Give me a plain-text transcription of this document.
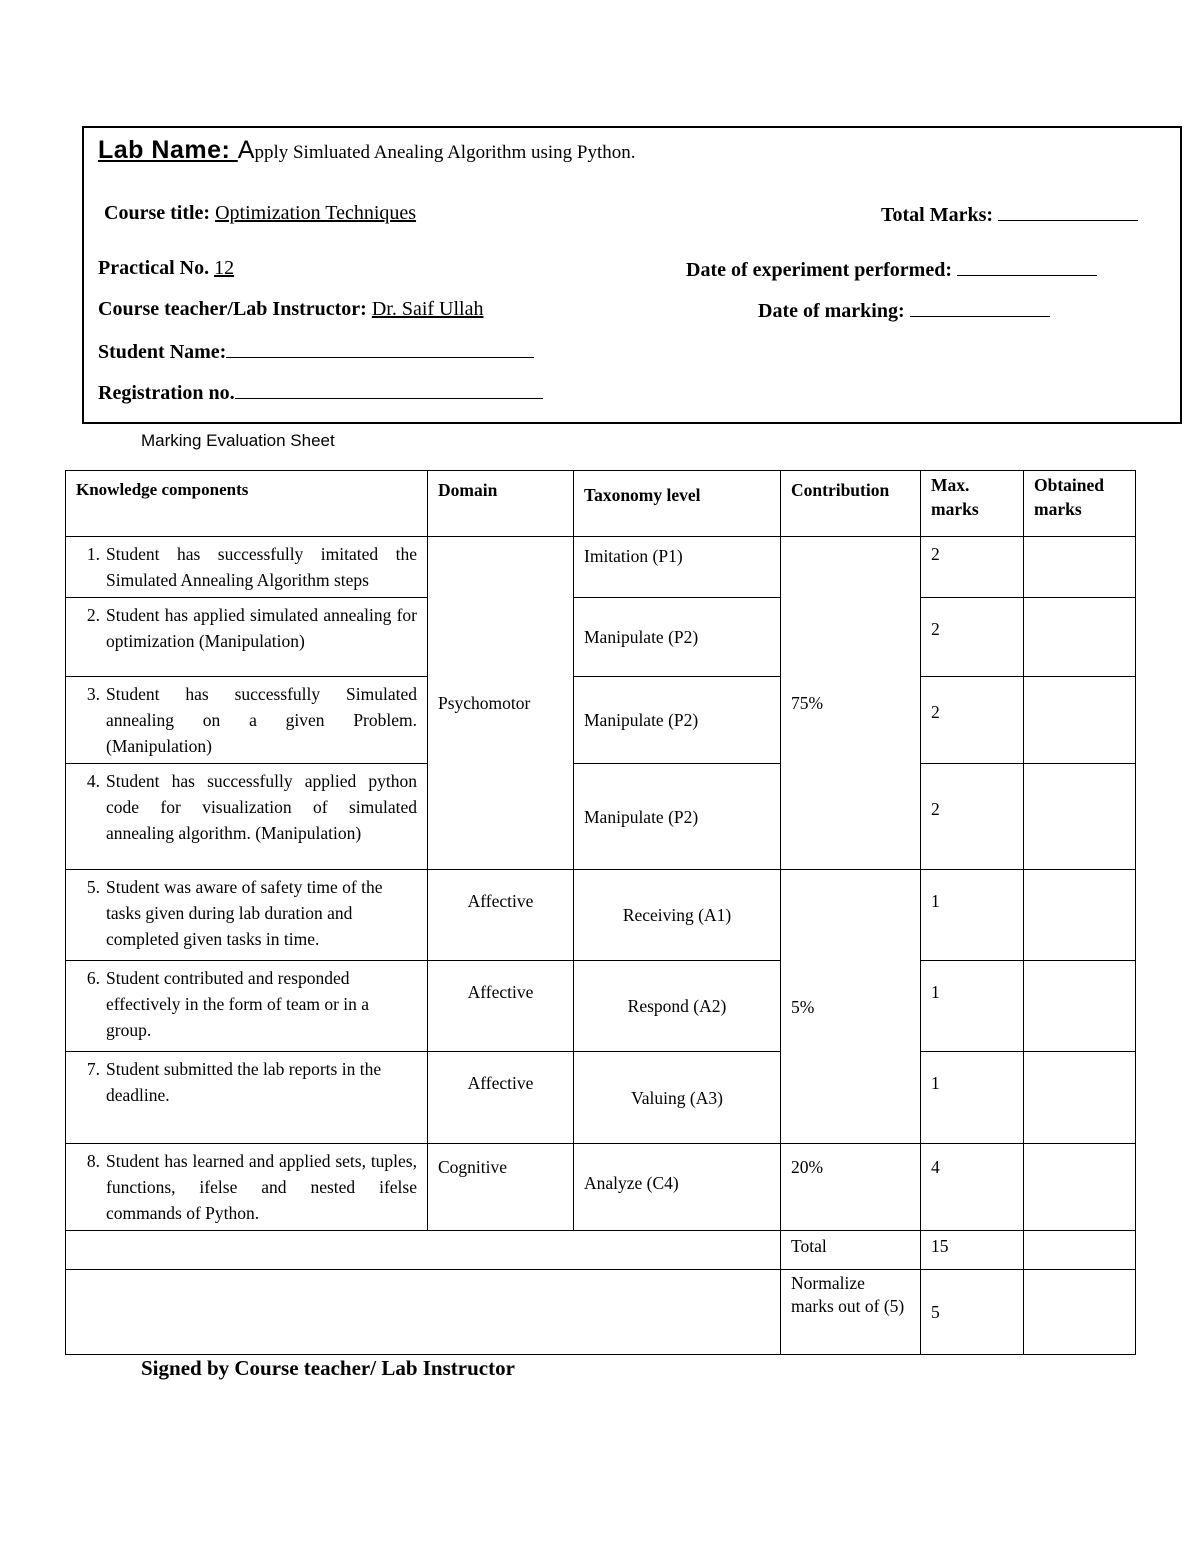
Lab Name: Apply Simluated Anealing Algorithm using Python.
Course title: Optimization Techniques	Total Marks:
Practical No. 12	Date of experiment performed:
Course teacher/Lab Instructor: Dr. Saif Ullah	Date of marking:
Student Name:
Registration no.
Marking Evaluation Sheet
Knowledge components	Domain	Taxonomy level	Contribution	Max. marks	Obtained marks

1. Student has successfully imitated the Simulated Annealing Algorithm steps	Psychomotor	Imitation (P1)	75%	2	

2. Student has applied simulated annealing for optimization (Manipulation)		Manipulate (P2)		2	

3. Student has successfully Simulated annealing on a given Problem. (Manipulation)		Manipulate (P2)		2	

4. Student has successfully applied python code for visualization of simulated annealing algorithm. (Manipulation)		Manipulate (P2)		2	

5. Student was aware of safety time of the tasks given during lab duration and completed given tasks in time.	Affective	Receiving (A1)	5%	1	

6. Student contributed and responded effectively in the form of team or in a group.	Affective	Respond (A2)		1	

7. Student submitted the lab reports in the deadline.	Affective	Valuing (A3)		1	

8. Student has learned and applied sets, tuples, functions, ifelse and nested ifelse commands of Python.	Cognitive	Analyze (C4)	20%	4	
			Total	15	
			Normalize marks out of (5)	5	
Signed by Course teacher/ Lab Instructor
